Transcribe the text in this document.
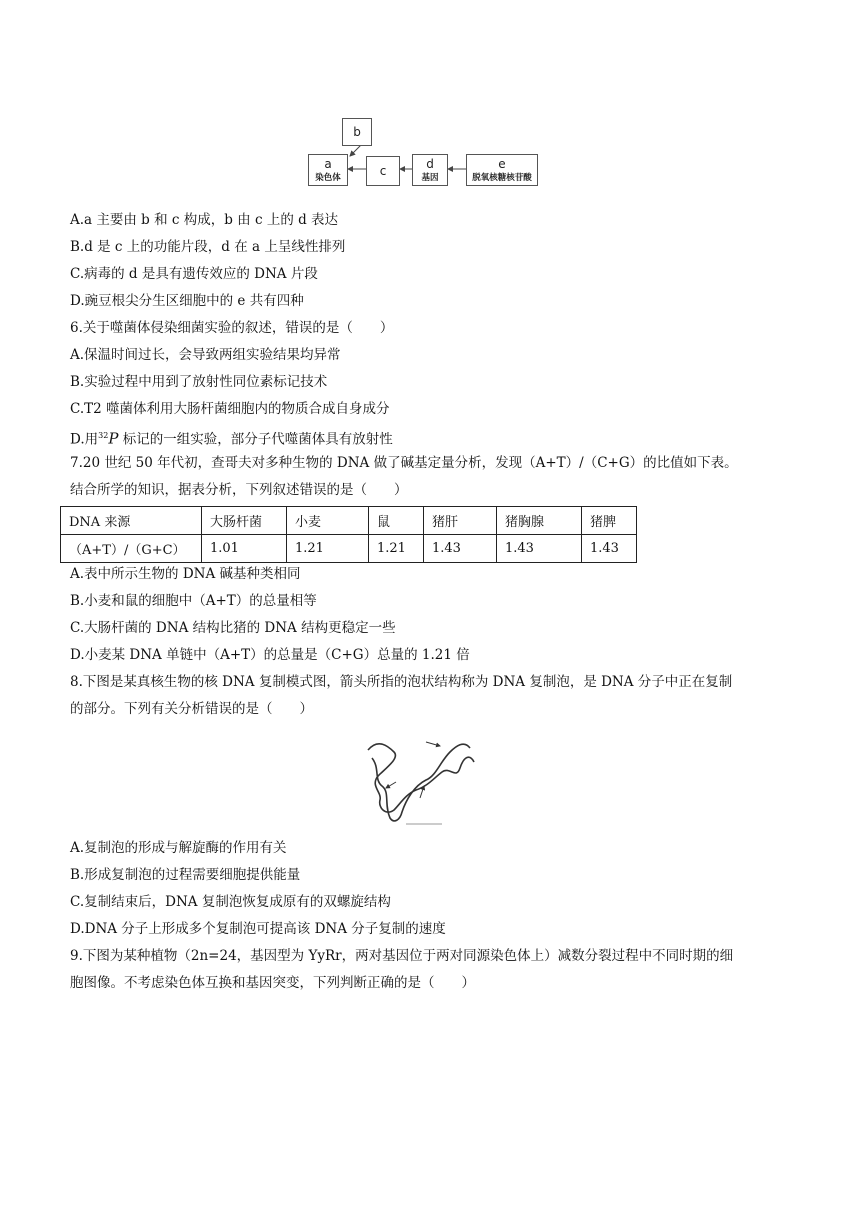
b
a
染色体	c	d
基因
e
脱氧核糖核苷酸
A.a 主要由 b 和 c 构成，b 由 c 上的 d 表达
B.d 是 c 上的功能片段，d 在 a 上呈线性排列
C.病毒的 d 是具有遗传效应的 DNA 片段
D.豌豆根尖分生区细胞中的 e 共有四种
6.关于噬菌体侵染细菌实验的叙述，错误的是（　　）
A.保温时间过长，会导致两组实验结果均异常
B.实验过程中用到了放射性同位素标记技术
C.T2 噬菌体利用大肠杆菌细胞内的物质合成自身成分
D.用$^{32}$P 标记的一组实验，部分子代噬菌体具有放射性
7.20 世纪 50 年代初，查哥夫对多种生物的 DNA 做了碱基定量分析，发现（A+T）/（C+G）的比值如下表。
结合所学的知识，据表分析，下列叙述错误的是（　　）
DNA 来源	大肠杆菌	小麦	鼠	猪肝	猪胸腺	猪脾
（A+T）/（G+C）	1.01	1.21	1.21	1.43	1.43	1.43
A.表中所示生物的 DNA 碱基种类相同
B.小麦和鼠的细胞中（A+T）的总量相等
C.大肠杆菌的 DNA 结构比猪的 DNA 结构更稳定一些
D.小麦某 DNA 单链中（A+T）的总量是（C+G）总量的 1.21 倍
8.下图是某真核生物的核 DNA 复制模式图，箭头所指的泡状结构称为 DNA 复制泡，是 DNA 分子中正在复制
的部分。下列有关分析错误的是（　　）
A.复制泡的形成与解旋酶的作用有关
B.形成复制泡的过程需要细胞提供能量
C.复制结束后，DNA 复制泡恢复成原有的双螺旋结构
D.DNA 分子上形成多个复制泡可提高该 DNA 分子复制的速度
9.下图为某种植物（2n=24，基因型为 YyRr，两对基因位于两对同源染色体上）减数分裂过程中不同时期的细
胞图像。不考虑染色体互换和基因突变，下列判断正确的是（　　）
